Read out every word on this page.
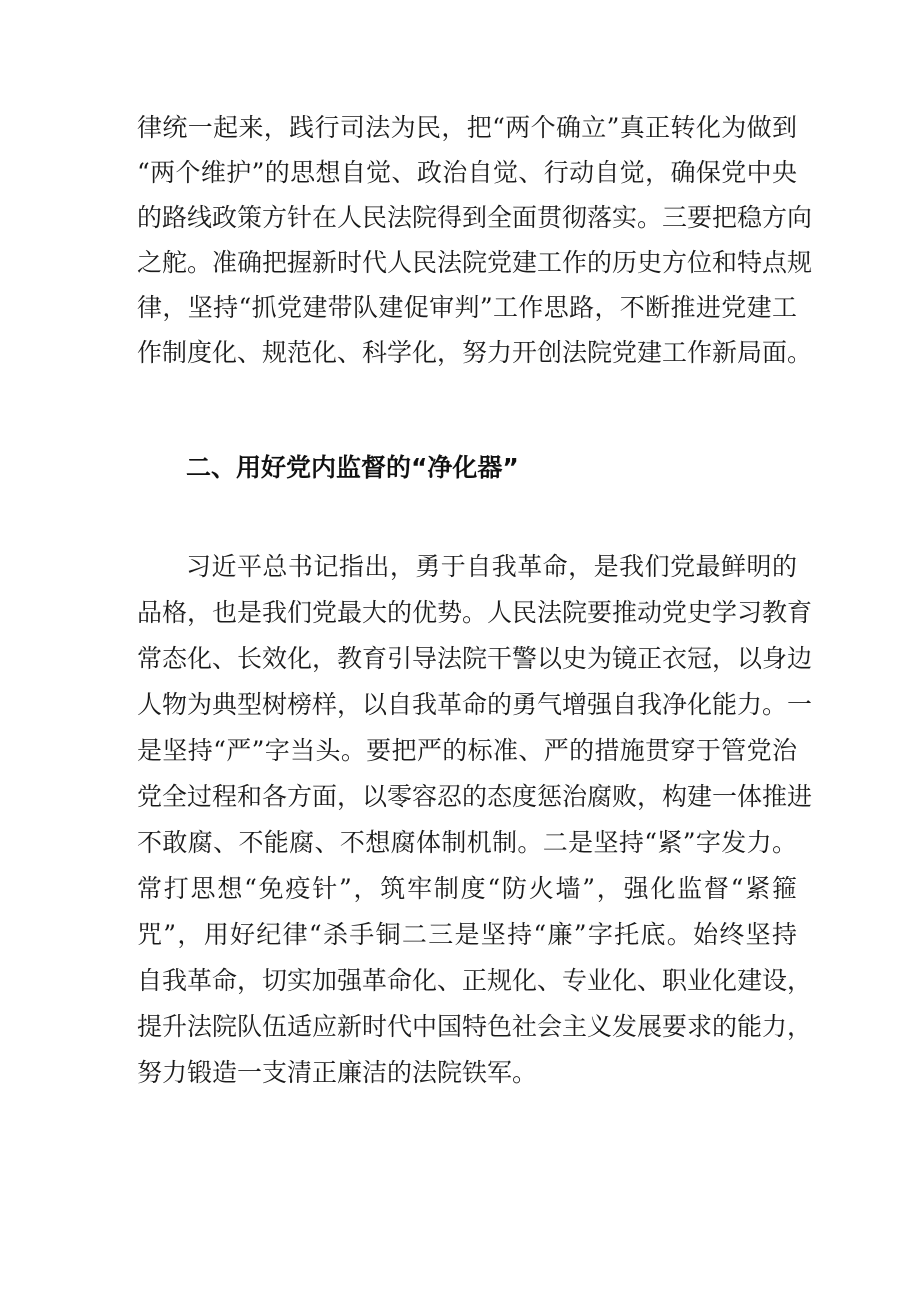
律统一起来，践行司法为民，把“两个确立”真正转化为做到

“两个维护”的思想自觉、政治自觉、行动自觉，确保党中央

的路线政策方针在人民法院得到全面贯彻落实。三要把稳方向

之舵。准确把握新时代人民法院党建工作的历史方位和特点规

律，坚持“抓党建带队建促审判”工作思路，不断推进党建工

作制度化、规范化、科学化，努力开创法院党建工作新局面。

二、用好党内监督的“净化器”

习近平总书记指出，勇于自我革命，是我们党最鲜明的

品格，也是我们党最大的优势。人民法院要推动党史学习教育

常态化、长效化，教育引导法院干警以史为镜正衣冠，以身边

人物为典型树榜样，以自我革命的勇气增强自我净化能力。一

是坚持“严”字当头。要把严的标准、严的措施贯穿于管党治

党全过程和各方面，以零容忍的态度惩治腐败，构建一体推进

不敢腐、不能腐、不想腐体制机制。二是坚持“紧”字发力。

常打思想“免疫针”，筑牢制度“防火墙”，强化监督“紧箍

咒”，用好纪律“杀手铜二三是坚持“廉”字托底。始终坚持

自我革命，切实加强革命化、正规化、专业化、职业化建设，

提升法院队伍适应新时代中国特色社会主义发展要求的能力，

努力锻造一支清正廉洁的法院铁军。
